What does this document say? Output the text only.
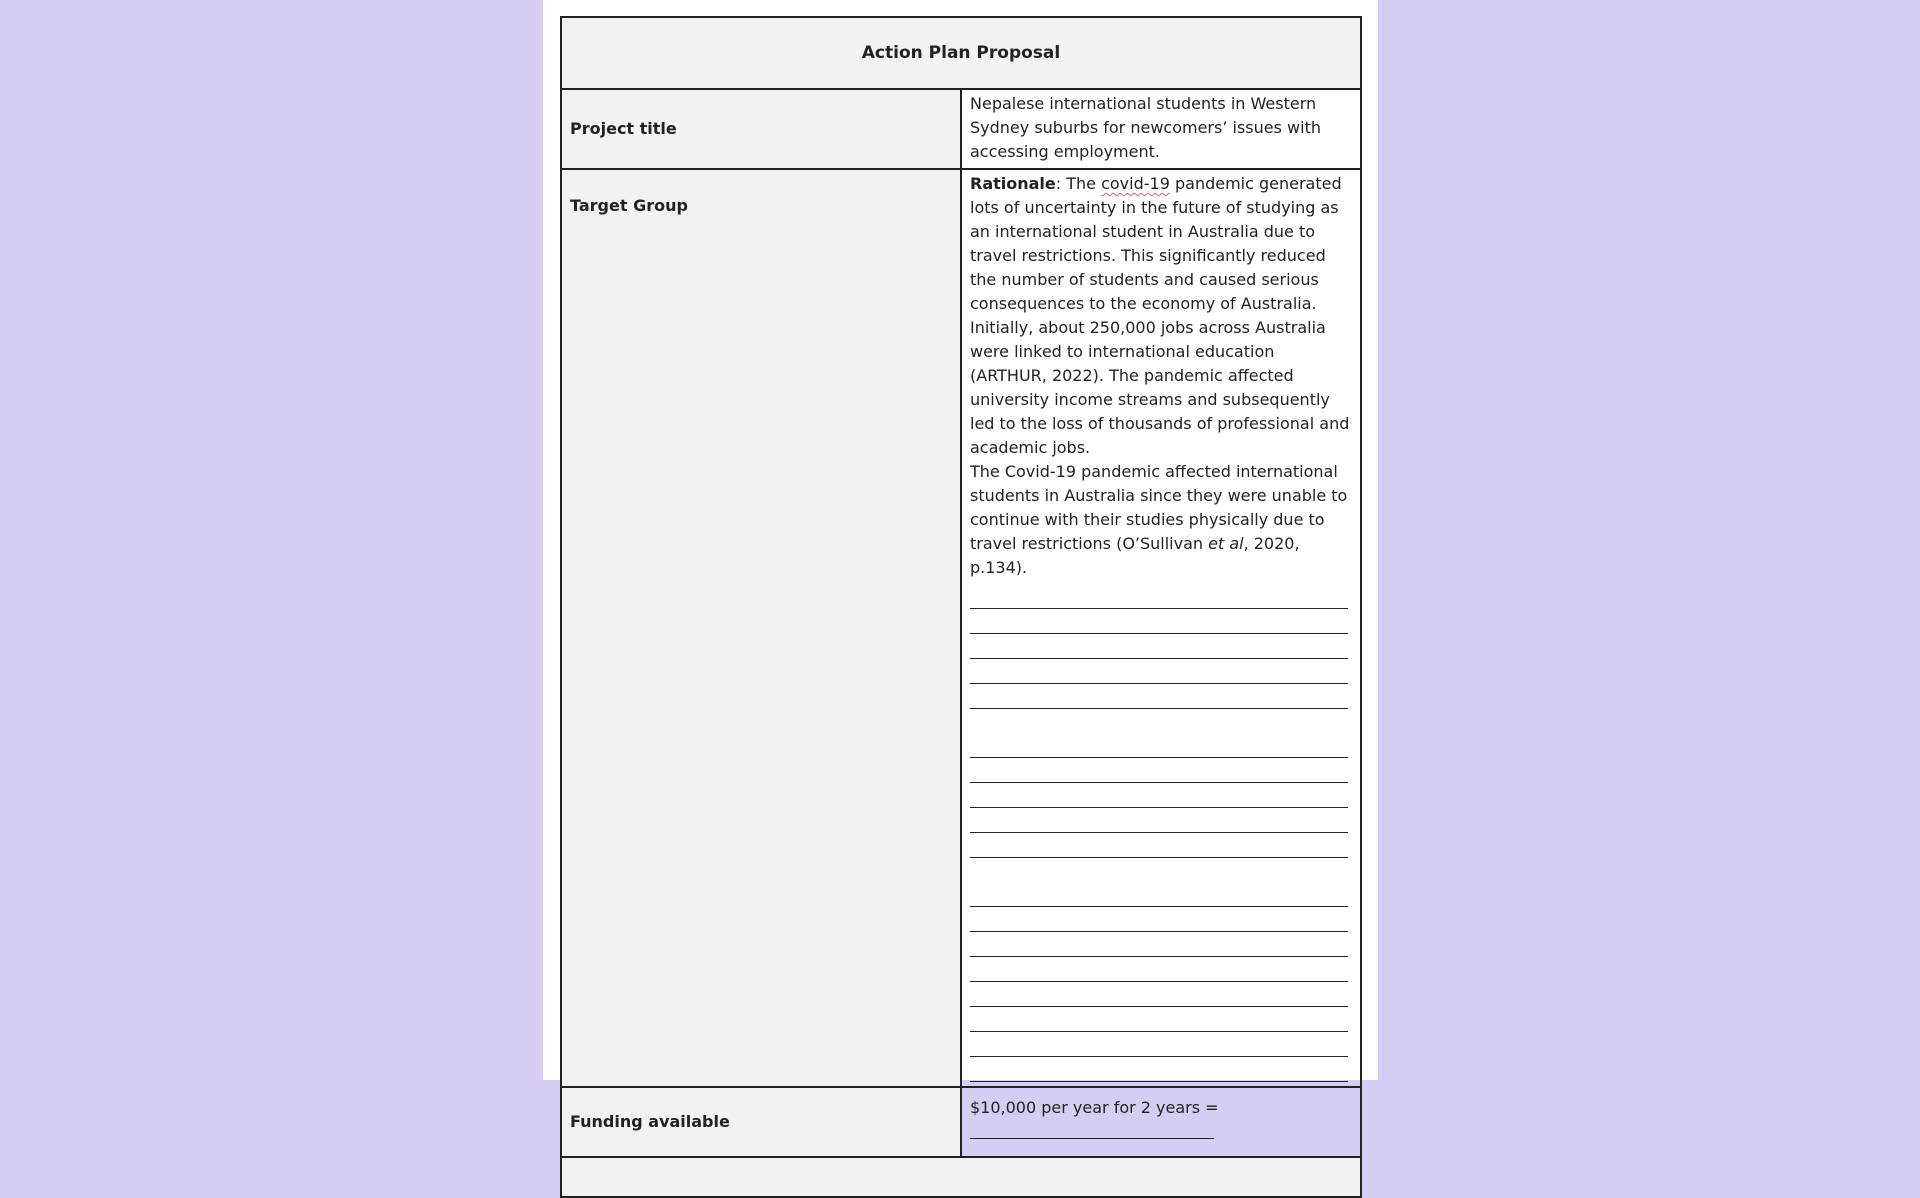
Action Plan Proposal	
Project title	Nepalese international students in Western Sydney suburbs for newcomers’ issues with accessing employment.
Target Group	Rationale: The covid-19 pandemic generated lots of uncertainty in the future of studying as an international student in Australia due to travel restrictions. This significantly reduced the number of students and caused serious consequences to the economy of Australia. Initially, about 250,000 jobs across Australia were linked to international education (ARTHUR, 2022). The pandemic affected university income streams and subsequently led to the loss of thousands of professional and academic jobs.

The Covid-19 pandemic affected international students in Australia since they were unable to continue with their studies physically due to travel restrictions (O’Sullivan et al, 2020, p.134).

Funding available	$10,000 per year for 2 years =
